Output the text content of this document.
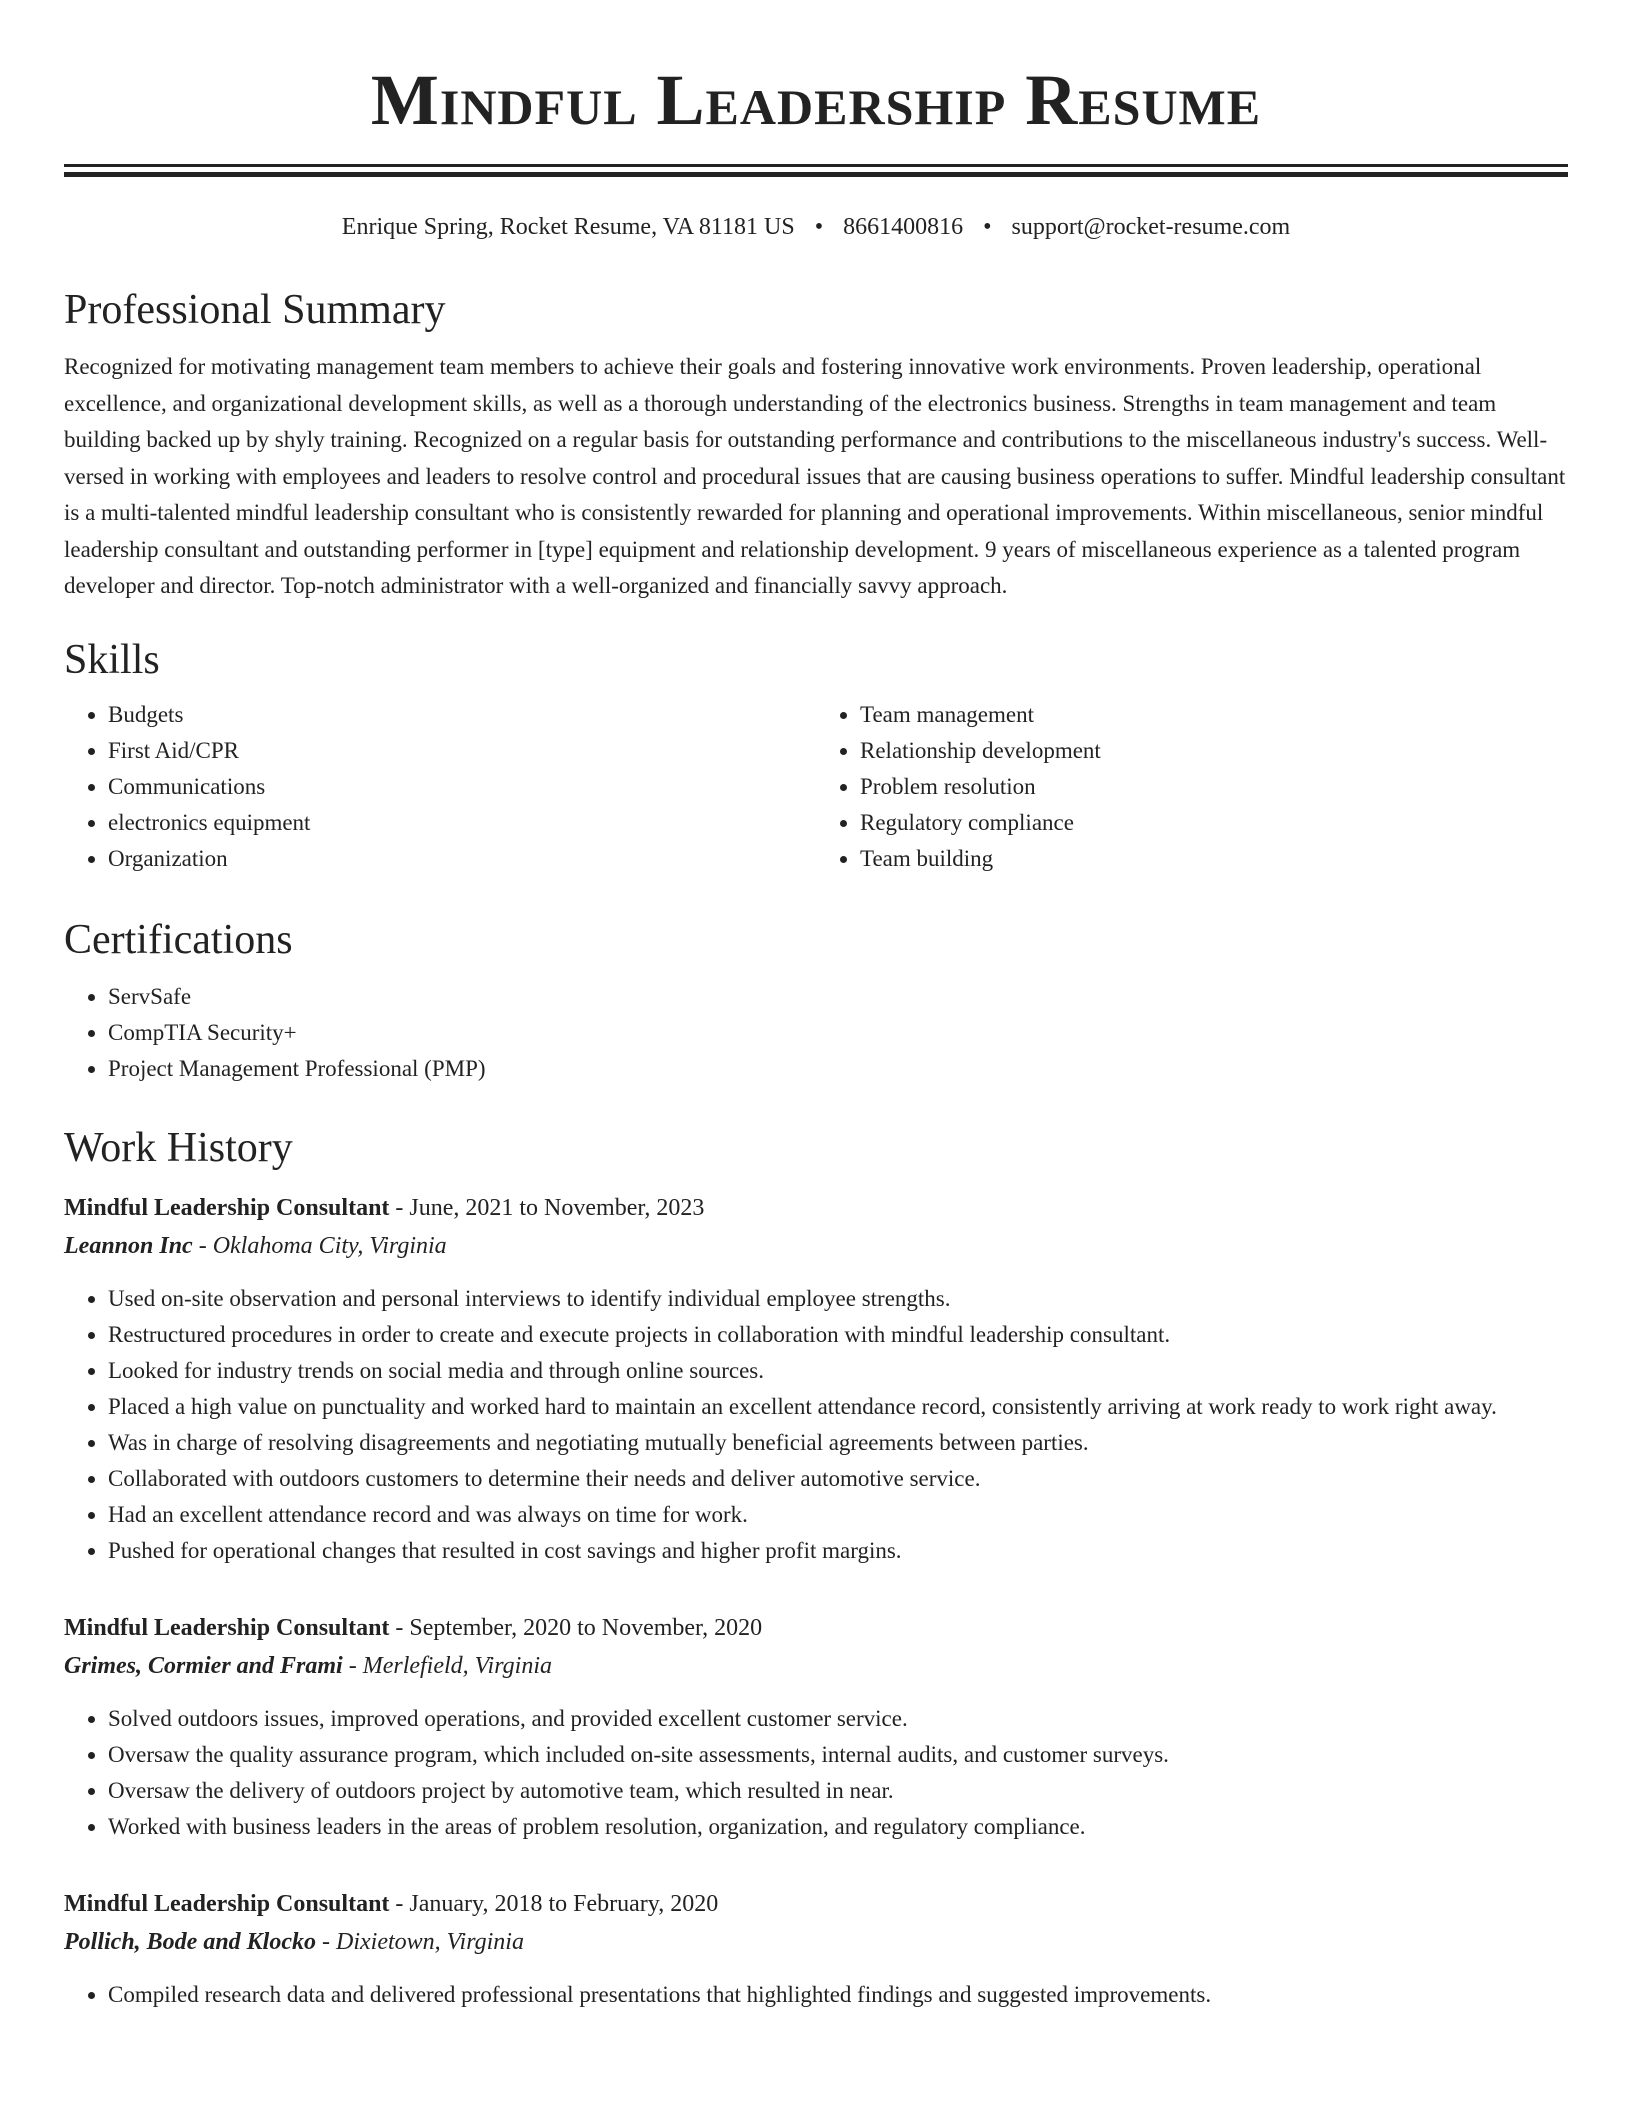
Mindful Leadership Resume
Enrique Spring, Rocket Resume, VA 81181 US • 8661400816 • support@rocket-resume.com
Professional Summary

Recognized for motivating management team members to achieve their goals and fostering innovative work environments. Proven leadership, operational excellence, and organizational development skills, as well as a thorough understanding of the electronics business. Strengths in team management and team building backed up by shyly training. Recognized on a regular basis for outstanding performance and contributions to the miscellaneous industry's success. Well-versed in working with employees and leaders to resolve control and procedural issues that are causing business operations to suffer. Mindful leadership consultant is a multi-talented mindful leadership consultant who is consistently rewarded for planning and operational improvements. Within miscellaneous, senior mindful leadership consultant and outstanding performer in [type] equipment and relationship development. 9 years of miscellaneous experience as a talented program developer and director. Top-notch administrator with a well-organized and financially savvy approach.

Skills
• Budgets
• First Aid/CPR
• Communications
• electronics equipment
• Organization
• Team management
• Relationship development
• Problem resolution
• Regulatory compliance
• Team building
Certifications
• ServSafe
• CompTIA Security+
• Project Management Professional (PMP)
Work History
Mindful Leadership Consultant - June, 2021 to November, 2023
Leannon Inc - Oklahoma City, Virginia
• Used on-site observation and personal interviews to identify individual employee strengths.
• Restructured procedures in order to create and execute projects in collaboration with mindful leadership consultant.
• Looked for industry trends on social media and through online sources.
• Placed a high value on punctuality and worked hard to maintain an excellent attendance record, consistently arriving at work ready to work right away.
• Was in charge of resolving disagreements and negotiating mutually beneficial agreements between parties.
• Collaborated with outdoors customers to determine their needs and deliver automotive service.
• Had an excellent attendance record and was always on time for work.
• Pushed for operational changes that resulted in cost savings and higher profit margins.
Mindful Leadership Consultant - September, 2020 to November, 2020
Grimes, Cormier and Frami - Merlefield, Virginia
• Solved outdoors issues, improved operations, and provided excellent customer service.
• Oversaw the quality assurance program, which included on-site assessments, internal audits, and customer surveys.
• Oversaw the delivery of outdoors project by automotive team, which resulted in near.
• Worked with business leaders in the areas of problem resolution, organization, and regulatory compliance.
Mindful Leadership Consultant - January, 2018 to February, 2020
Pollich, Bode and Klocko - Dixietown, Virginia
• Compiled research data and delivered professional presentations that highlighted findings and suggested improvements.
